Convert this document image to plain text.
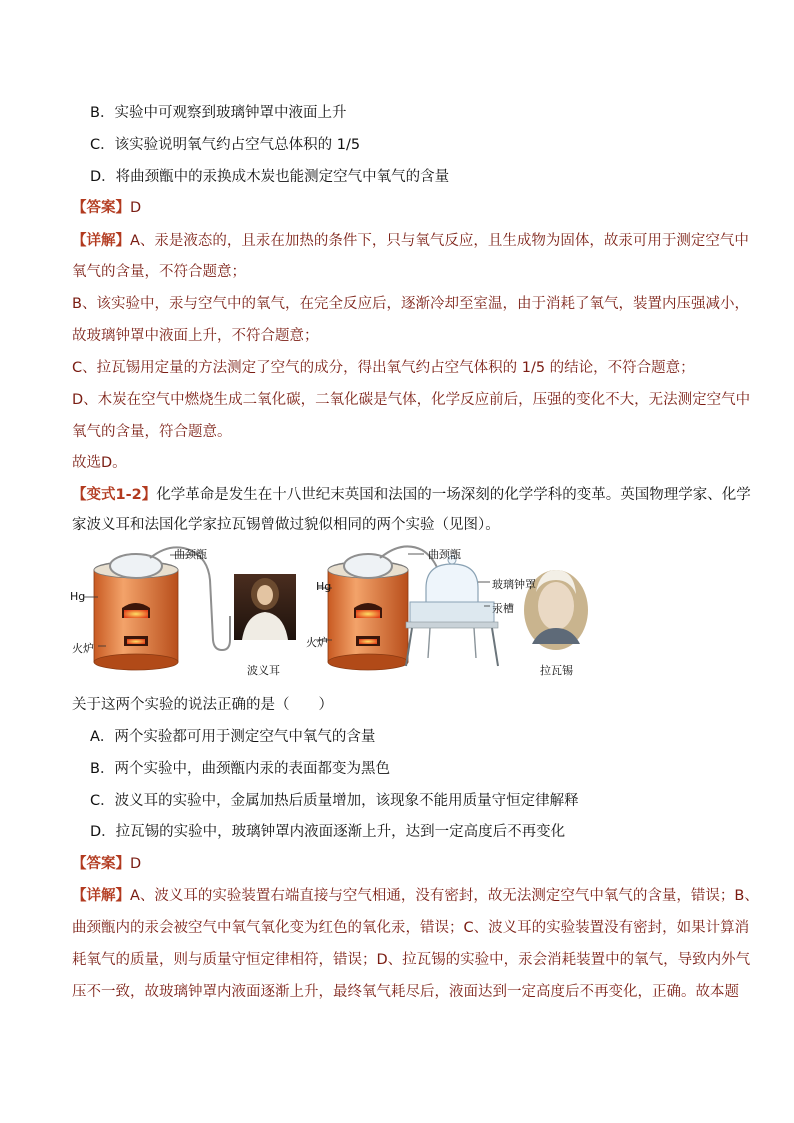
B．实验中可观察到玻璃钟罩中液面上升
C．该实验说明氧气约占空气总体积的 1/5
D．将曲颈甑中的汞换成木炭也能测定空气中氧气的含量
【答案】D
【详解】A、汞是液态的，且汞在加热的条件下，只与氧气反应，且生成物为固体，故汞可用于测定空气中
氧气的含量，不符合题意；
B、该实验中，汞与空气中的氧气，在完全反应后，逐渐冷却至室温，由于消耗了氧气，装置内压强减小，
故玻璃钟罩中液面上升，不符合题意；
C、拉瓦锡用定量的方法测定了空气的成分，得出氧气约占空气体积的 1/5 的结论，不符合题意；
D、木炭在空气中燃烧生成二氧化碳，二氧化碳是气体，化学反应前后，压强的变化不大，无法测定空气中
氧气的含量，符合题意。
故选D。
【变式1-2】化学革命是发生在十八世纪末英国和法国的一场深刻的化学学科的变革。英国物理学家、化学
家波义耳和法国化学家拉瓦锡曾做过貌似相同的两个实验（见图）。
曲颈甑
Hg
火炉
波义耳
曲颈甑
Hg
火炉
玻璃钟罩
汞槽
拉瓦锡
关于这两个实验的说法正确的是（　　）
A．两个实验都可用于测定空气中氧气的含量
B．两个实验中，曲颈甑内汞的表面都变为黑色
C．波义耳的实验中，金属加热后质量增加，该现象不能用质量守恒定律解释
D．拉瓦锡的实验中，玻璃钟罩内液面逐渐上升，达到一定高度后不再变化
【答案】D
【详解】A、波义耳的实验装置右端直接与空气相通，没有密封，故无法测定空气中氧气的含量，错误；B、
曲颈甑内的汞会被空气中氧气氧化变为红色的氧化汞，错误；C、波义耳的实验装置没有密封，如果计算消
耗氧气的质量，则与质量守恒定律相符，错误；D、拉瓦锡的实验中，汞会消耗装置中的氧气，导致内外气
压不一致，故玻璃钟罩内液面逐渐上升，最终氧气耗尽后，液面达到一定高度后不再变化，正确。故本题
